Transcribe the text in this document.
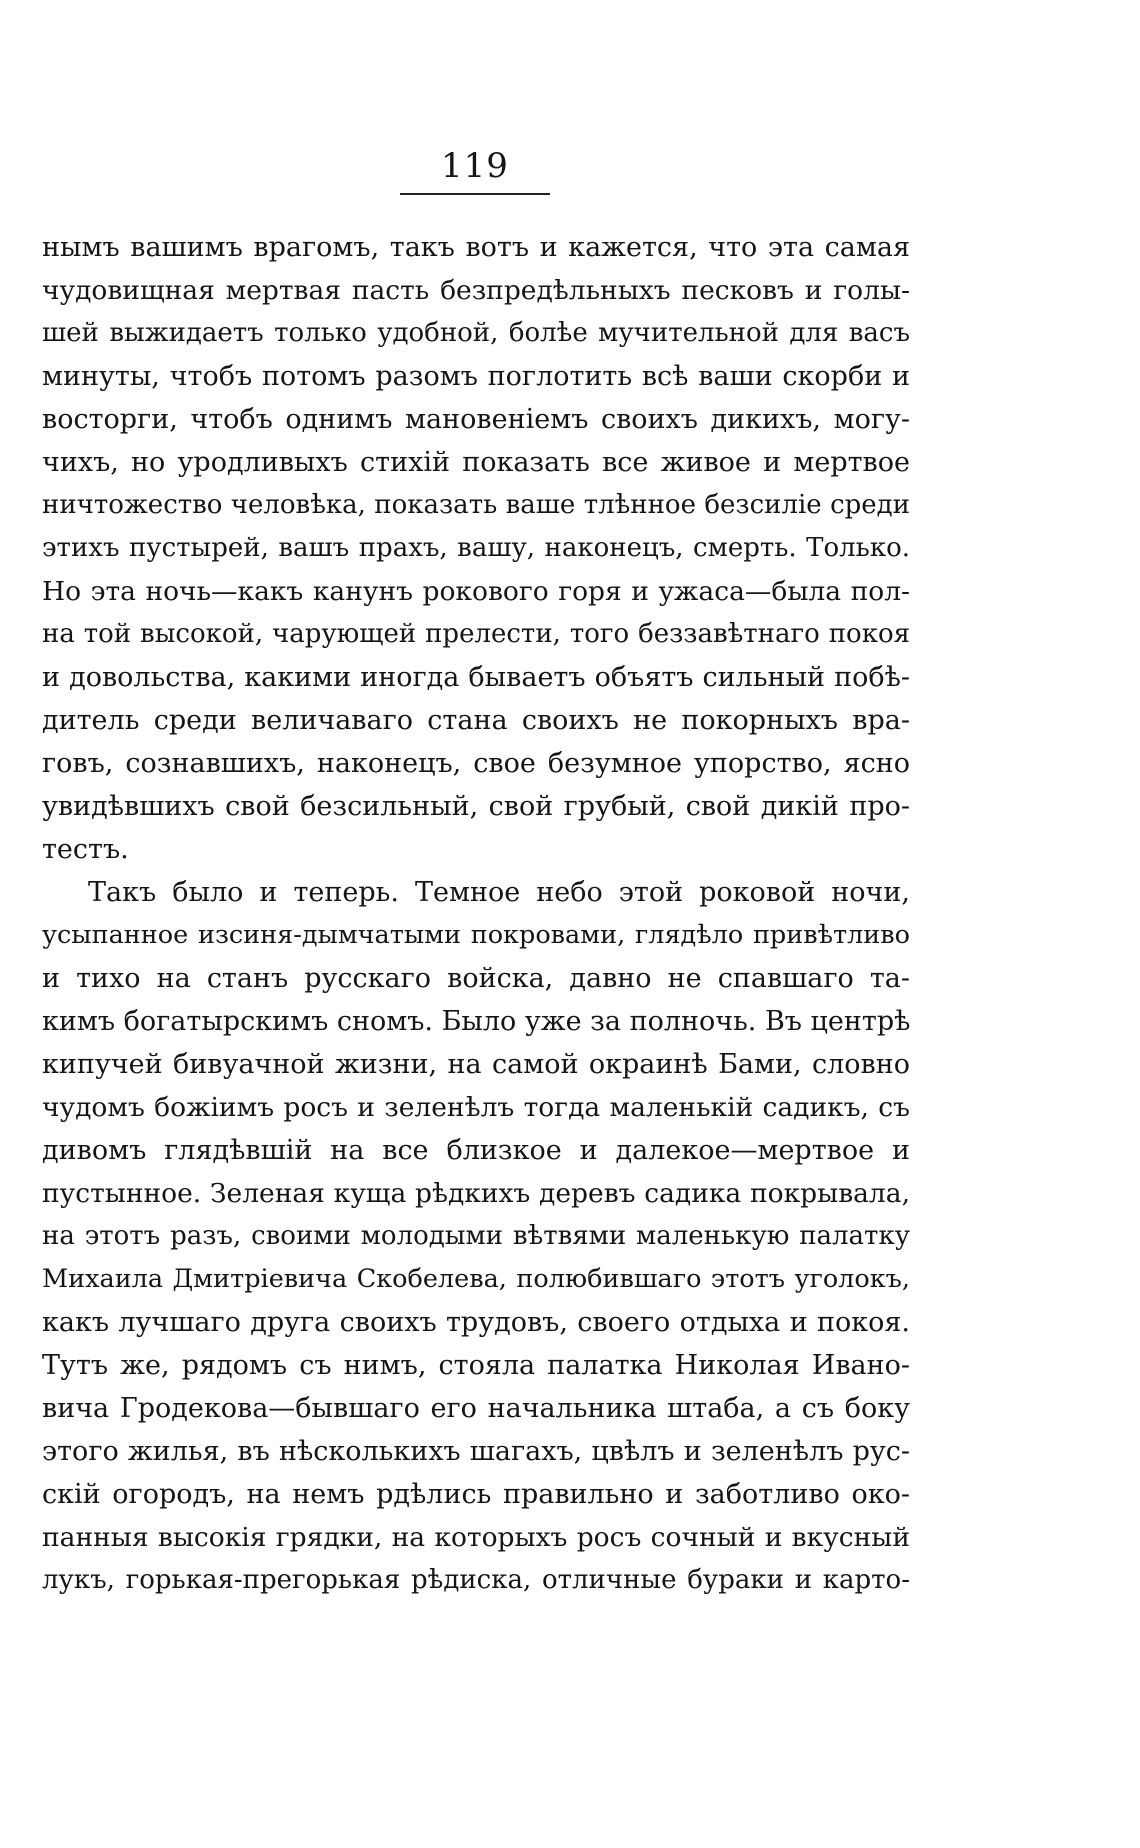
119
нымъ вашимъ врагомъ, такъ вотъ и кажется, что эта самая
чудовищная мертвая пасть безпредѣльныхъ песковъ и голы-
шей выжидаетъ только удобной, болѣе мучительной для васъ
минуты, чтобъ потомъ разомъ поглотить всѣ ваши скорби и
восторги, чтобъ однимъ мановеніемъ своихъ дикихъ, могу-
чихъ, но уродливыхъ стихій показать все живое и мертвое
ничтожество человѣка, показать ваше тлѣнное безсиліе среди
этихъ пустырей, вашъ прахъ, вашу, наконецъ, смерть. Только.
Но эта ночь—какъ канунъ рокового горя и ужаса—была пол-
на той высокой, чарующей прелести, того беззавѣтнаго покоя
и довольства, какими иногда бываетъ объятъ сильный побѣ-
дитель среди величаваго стана своихъ не покорныхъ вра-
говъ, сознавшихъ, наконецъ, свое безумное упорство, ясно
увидѣвшихъ свой безсильный, свой грубый, свой дикій про-
тестъ.
Такъ было и теперь. Темное небо этой роковой ночи,
усыпанное изсиня-дымчатыми покровами, глядѣло привѣтливо
и тихо на станъ русскаго войска, давно не спавшаго та-
кимъ богатырскимъ сномъ. Было уже за полночь. Въ центрѣ
кипучей бивуачной жизни, на самой окраинѣ Бами, словно
чудомъ божіимъ росъ и зеленѣлъ тогда маленькій садикъ, съ
дивомъ глядѣвшій на все близкое и далекое—мертвое и
пустынное. Зеленая куща рѣдкихъ деревъ садика покрывала,
на этотъ разъ, своими молодыми вѣтвями маленькую палатку
Михаила Дмитріевича Скобелева, полюбившаго этотъ уголокъ,
какъ лучшаго друга своихъ трудовъ, своего отдыха и покоя.
Тутъ же, рядомъ съ нимъ, стояла палатка Николая Ивано-
вича Гродекова—бывшаго его начальника штаба, а съ боку
этого жилья, въ нѣсколькихъ шагахъ, цвѣлъ и зеленѣлъ рус-
скій огородъ, на немъ рдѣлись правильно и заботливо око-
панныя высокія грядки, на которыхъ росъ сочный и вкусный
лукъ, горькая-прегорькая рѣдиска, отличные бураки и карто-
